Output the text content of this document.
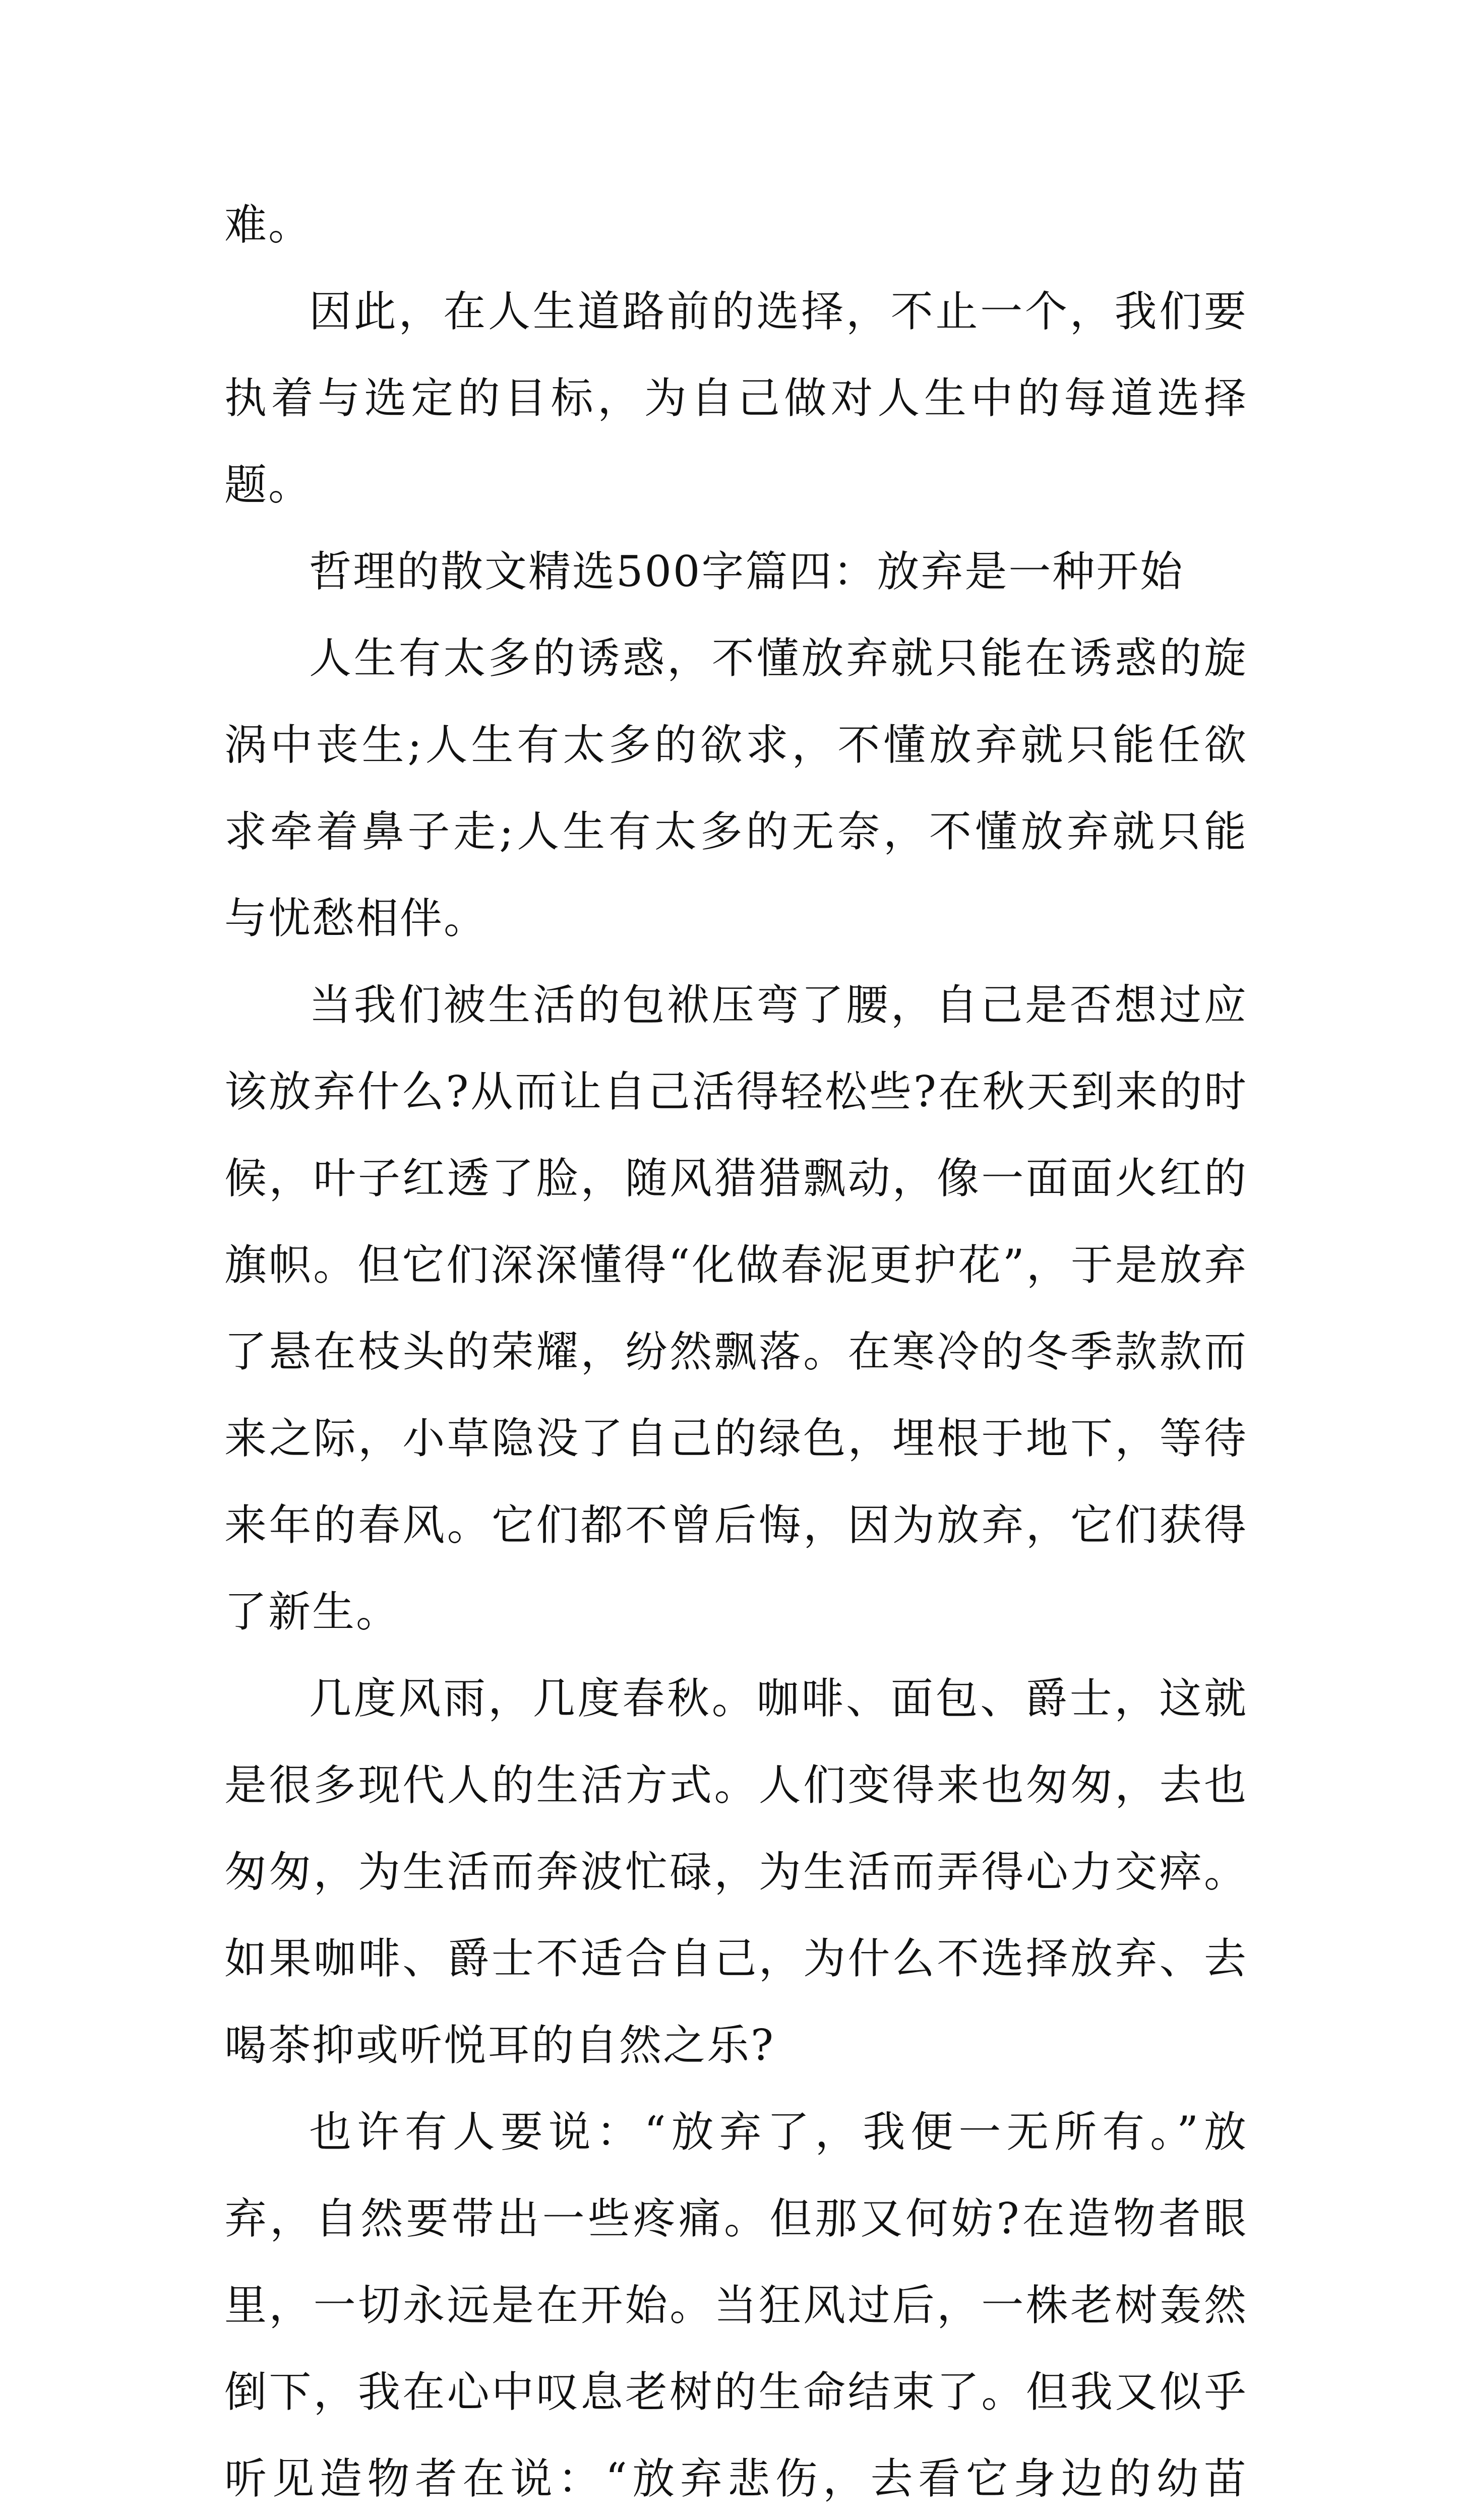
难。

因此，在人生道路前的选择，不止一个，我们要执着与选定的目标，为自己做对人生中的每道选择题。

哲理的散文精选500字篇四：放弃是一种开始

人生有太多的诱惑，不懂放弃就只能在诱惑的旋涡中丧生;人生有太多的欲求，不懂放弃就只能任欲求牵着鼻子走;人生有太多的无奈，不懂放弃就只能与忧愁相伴。

当我们被生活的包袱压弯了腰，自己是否想过应该放弃什么?从而让自己活得轻松些?在秋天到来的时候，叶子红透了脸，随风猎猎飘动，像一面面火红的旗帜。但它们深深懂得“化做春泥更护花”，于是放弃了悬在枝头的荣耀，纷然飘落。在寒冷的冬季款款而来之际，小草隐没了自己的绿色，埋根于地下，等待来年的春风。它们都不曾后悔，因为放弃，它们获得了新生。

几度风雨，几度春秋。咖啡、面包、爵士，这就是很多现代人的生活方式。人们变得来也匆匆，去也匆匆，为生活而奔波忙碌，为生活而弄得心力交瘁。如果咖啡、爵士不适合自己，为什么不选择放弃、去喝茶抑或听悦耳的自然之乐?

也许有人要说：“放弃了，我便一无所有。”放弃，自然要带出一些疼痛。但那又何妨?在造物者眼里，一切永远是在开始。当狂风过后，一株老树轰然倒下，我在心中叹息老树的生命结束了。但我又似乎听见造物者在说：“放弃悲伤，去看它身边的幼苗
